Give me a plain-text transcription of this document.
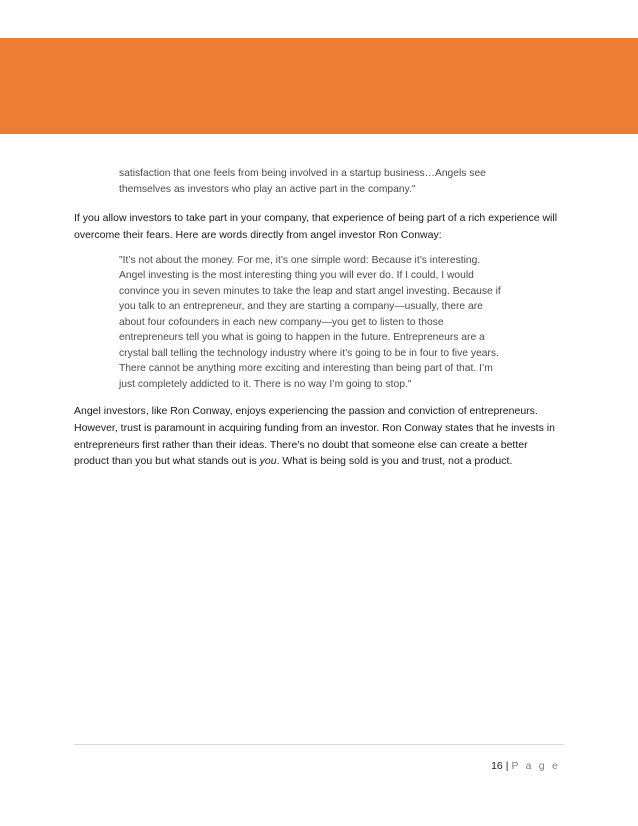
satisfaction that one feels from being involved in a startup business…Angels see

themselves as investors who play an active part in the company."

If you allow investors to take part in your company, that experience of being part of a rich experience will
overcome their fears. Here are words directly from angel investor Ron Conway:

"It’s not about the money. For me, it’s one simple word: Because it’s interesting.

Angel investing is the most interesting thing you will ever do. If I could, I would

convince you in seven minutes to take the leap and start angel investing. Because if

you talk to an entrepreneur, and they are starting a company—usually, there are

about four cofounders in each new company—you get to listen to those

entrepreneurs tell you what is going to happen in the future. Entrepreneurs are a

crystal ball telling the technology industry where it’s going to be in four to five years.

There cannot be anything more exciting and interesting than being part of that. I’m

just completely addicted to it. There is no way I’m going to stop."

Angel investors, like Ron Conway, enjoys experiencing the passion and conviction of entrepreneurs.
However, trust is paramount in acquiring funding from an investor. Ron Conway states that he invests in
entrepreneurs first rather than their ideas. There's no doubt that someone else can create a better
product than you but what stands out is you. What is being sold is you and trust, not a product.
16 | P a g e
